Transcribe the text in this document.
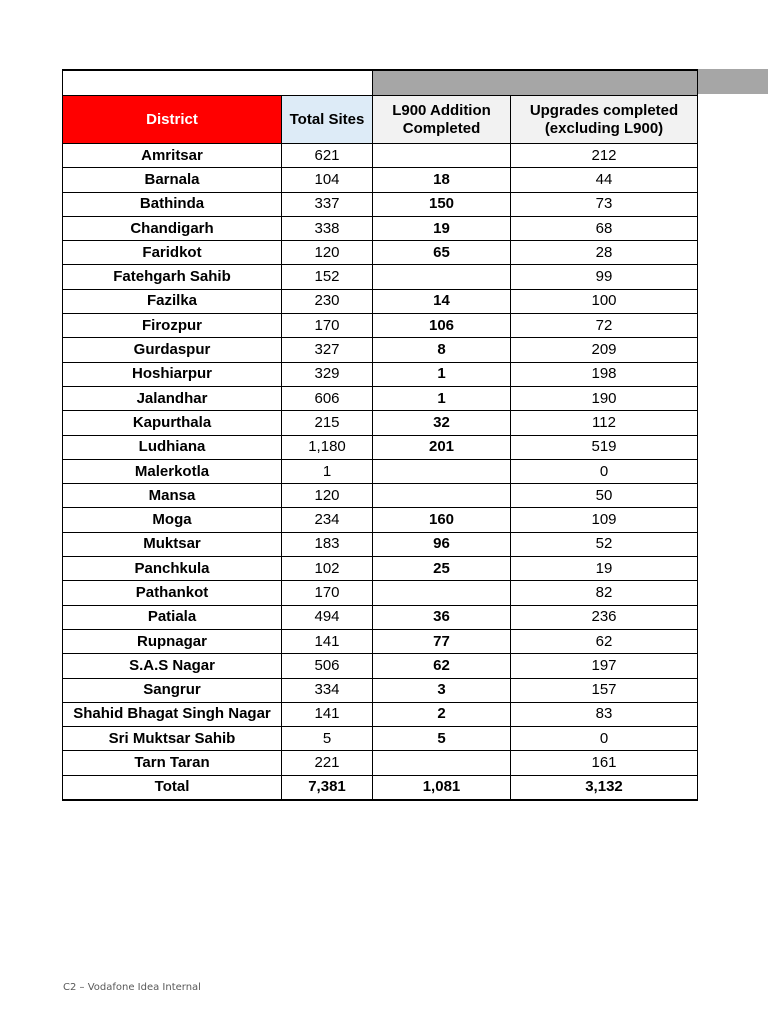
District	Total Sites	L900 Addition Completed	Upgrades completed (excluding L900)
Amritsar	621		212
Barnala	104	18	44
Bathinda	337	150	73
Chandigarh	338	19	68
Faridkot	120	65	28
Fatehgarh Sahib	152		99
Fazilka	230	14	100
Firozpur	170	106	72
Gurdaspur	327	8	209
Hoshiarpur	329	1	198
Jalandhar	606	1	190
Kapurthala	215	32	112
Ludhiana	1,180	201	519
Malerkotla	1		0
Mansa	120		50
Moga	234	160	109
Muktsar	183	96	52
Panchkula	102	25	19
Pathankot	170		82
Patiala	494	36	236
Rupnagar	141	77	62
S.A.S Nagar	506	62	197
Sangrur	334	3	157
Shahid Bhagat Singh Nagar	141	2	83
Sri Muktsar Sahib	5	5	0
Tarn Taran	221		161
Total	7,381	1,081	3,132
C2 – Vodafone Idea Internal
